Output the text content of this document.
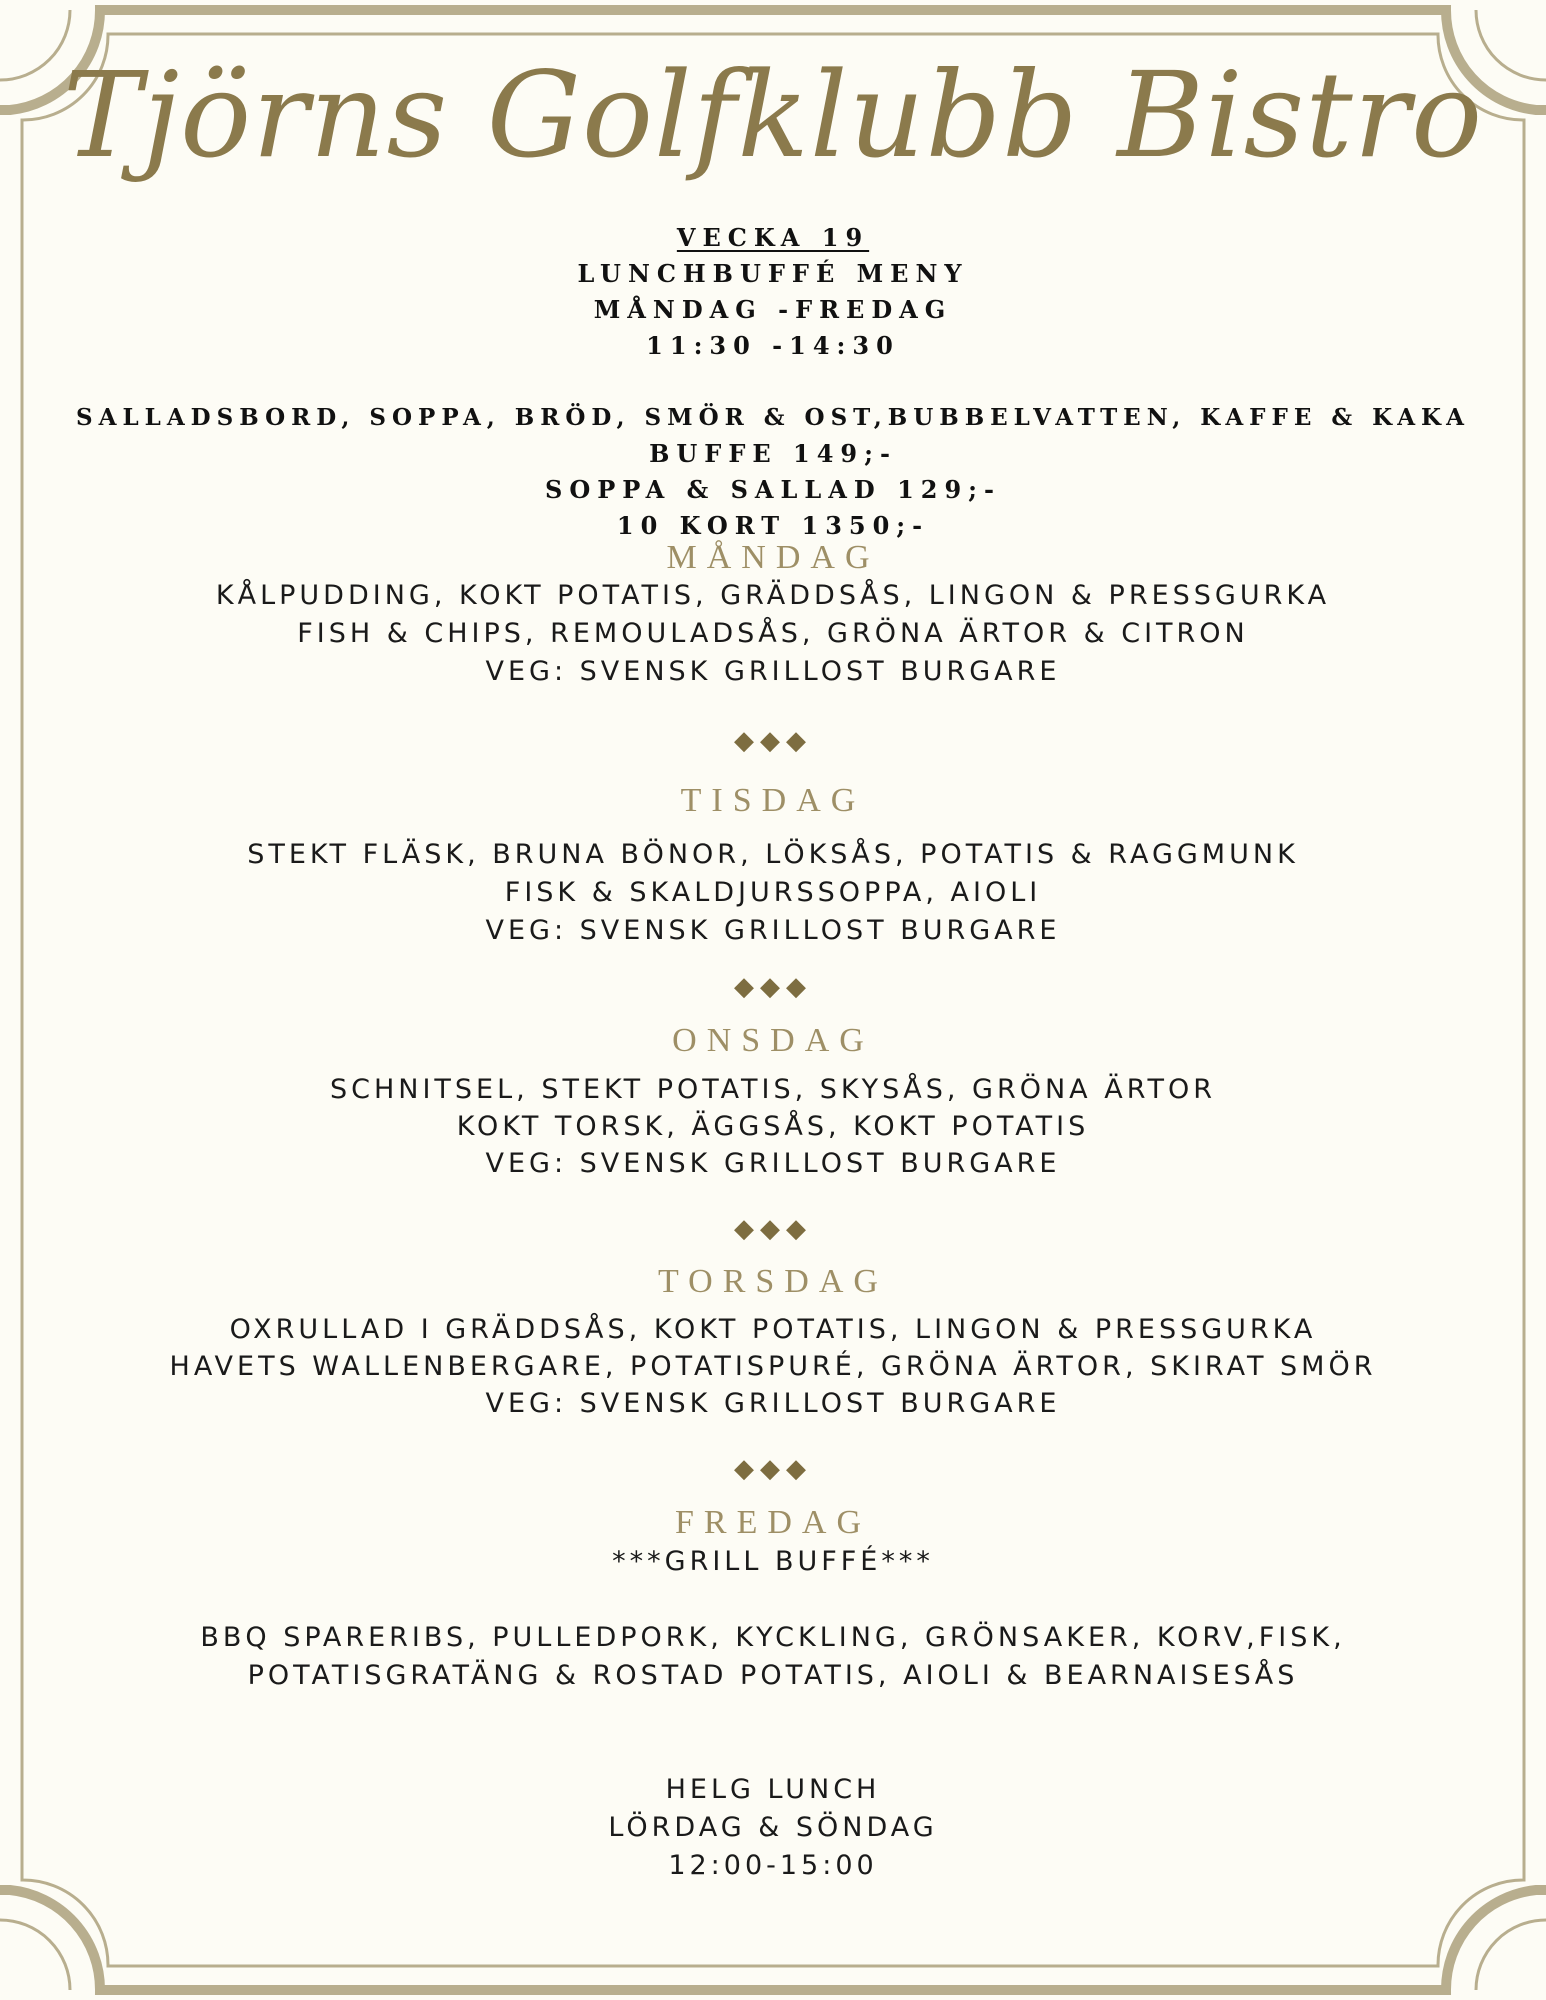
Tjörns Golfklubb Bistro
VECKA 19
LUNCHBUFFÉ MENY
MÅNDAG -FREDAG
11:30 -14:30
SALLADSBORD, SOPPA, BRÖD, SMÖR & OST,BUBBELVATTEN, KAFFE & KAKA
BUFFE 149;-
SOPPA & SALLAD 129;-
10 KORT 1350;-
MÅNDAG
KÅLPUDDING, KOKT POTATIS, GRÄDDSÅS, LINGON & PRESSGURKA
FISH & CHIPS, REMOULADSÅS, GRÖNA ÄRTOR & CITRON
VEG: SVENSK GRILLOST BURGARE
◆◆◆
TISDAG
STEKT FLÄSK, BRUNA BÖNOR, LÖKSÅS, POTATIS & RAGGMUNK
FISK & SKALDJURSSOPPA, AIOLI
VEG: SVENSK GRILLOST BURGARE
◆◆◆
ONSDAG
SCHNITSEL, STEKT POTATIS, SKYSÅS, GRÖNA ÄRTOR
KOKT TORSK, ÄGGSÅS, KOKT POTATIS
VEG: SVENSK GRILLOST BURGARE
◆◆◆
TORSDAG
OXRULLAD I GRÄDDSÅS, KOKT POTATIS, LINGON & PRESSGURKA
HAVETS WALLENBERGARE, POTATISPURÉ, GRÖNA ÄRTOR, SKIRAT SMÖR
VEG: SVENSK GRILLOST BURGARE
◆◆◆
FREDAG
***GRILL BUFFÉ***
BBQ SPARERIBS, PULLEDPORK, KYCKLING, GRÖNSAKER, KORV,FISK,
POTATISGRATÄNG & ROSTAD POTATIS, AIOLI & BEARNAISESÅS
HELG LUNCH
LÖRDAG & SÖNDAG
12:00-15:00
